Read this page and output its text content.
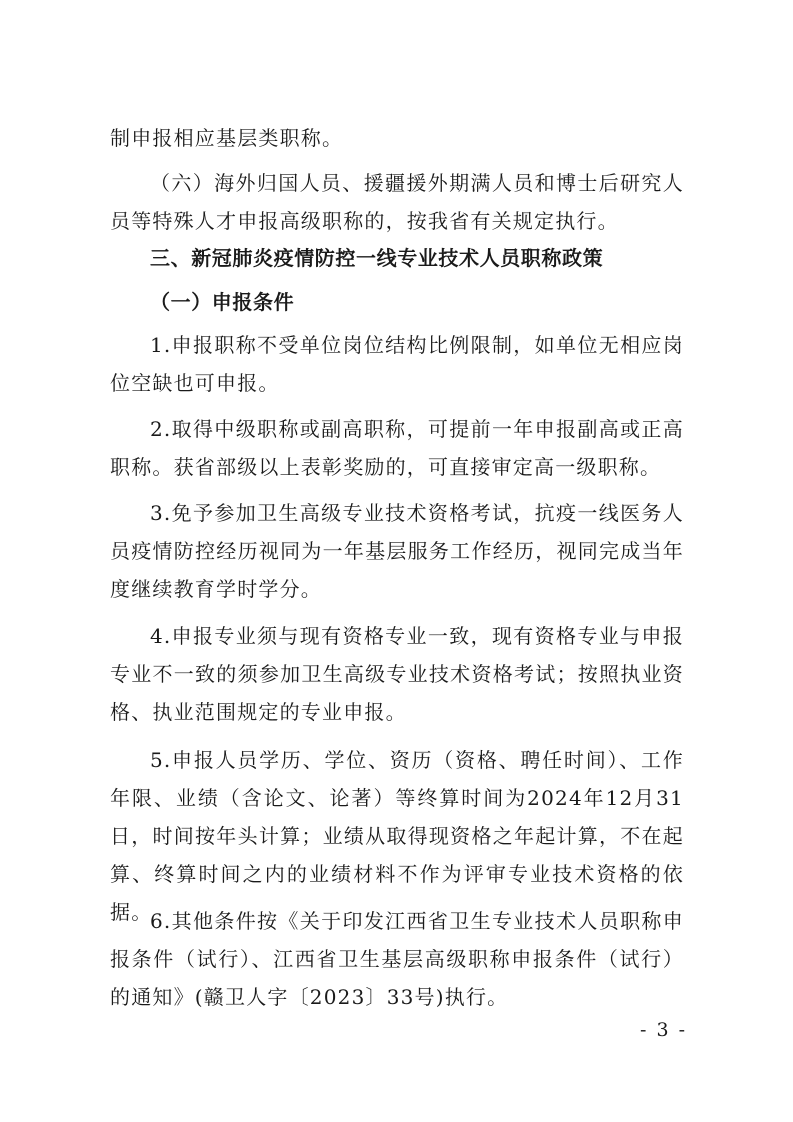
制申报相应基层类职称。

（六）海外归国人员、援疆援外期满人员和博士后研究人员等特殊人才申报高级职称的，按我省有关规定执行。

三、新冠肺炎疫情防控一线专业技术人员职称政策

（一）申报条件

1.申报职称不受单位岗位结构比例限制，如单位无相应岗位空缺也可申报。

2.取得中级职称或副高职称，可提前一年申报副高或正高职称。获省部级以上表彰奖励的，可直接审定高一级职称。

3.免予参加卫生高级专业技术资格考试，抗疫一线医务人员疫情防控经历视同为一年基层服务工作经历，视同完成当年度继续教育学时学分。

4.申报专业须与现有资格专业一致，现有资格专业与申报专业不一致的须参加卫生高级专业技术资格考试；按照执业资格、执业范围规定的专业申报。

5.申报人员学历、学位、资历（资格、聘任时间）、工作年限、业绩（含论文、论著）等终算时间为2024年12月31日，时间按年头计算；业绩从取得现资格之年起计算，不在起算、终算时间之内的业绩材料不作为评审专业技术资格的依据。

6.其他条件按《关于印发江西省卫生专业技术人员职称申报条件（试行）、江西省卫生基层高级职称申报条件（试行）的通知》(赣卫人字〔2023〕33号)执行。

- 3 -
